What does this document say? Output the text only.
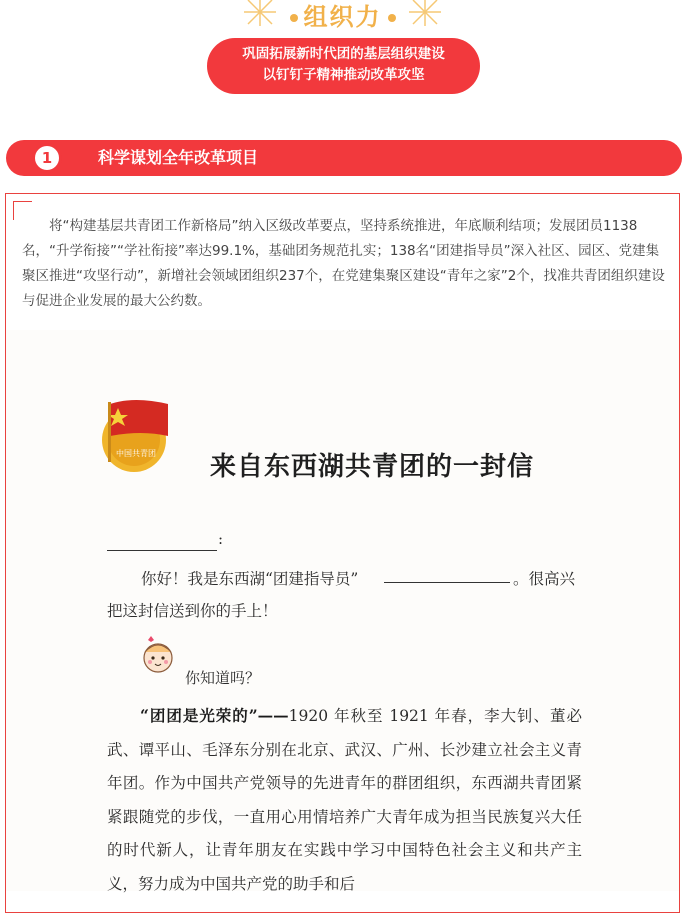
组织力
巩固拓展新时代团的基层组织建设
以钉钉子精神推动改革攻坚
1	科学谋划全年改革项目

将“构建基层共青团工作新格局”纳入区级改革要点，坚持系统推进，年底顺利结项；发展团员1138名，“升学衔接”“学社衔接”率达99.1%，基础团务规范扎实；138名“团建指导员”深入社区、园区、党建集聚区推进“攻坚行动”，新增社会领域团组织237个，在党建集聚区建设“青年之家”2个，找准共青团组织建设与促进企业发展的最大公约数。

中国共青团 来自东西湖共青团的一封信
:
你好！我是东西湖“团建指导员”	。很高兴
把这封信送到你的手上！
你知道吗？

“团团是光荣的”——1920 年秋至 1921 年春，李大钊、董必武、谭平山、毛泽东分别在北京、武汉、广州、长沙建立社会主义青年团。作为中国共产党领导的先进青年的群团组织，东西湖共青团紧紧跟随党的步伐，一直用心用情培养广大青年成为担当民族复兴大任的时代新人，让青年朋友在实践中学习中国特色社会主义和共产主义，努力成为中国共产党的助手和后
